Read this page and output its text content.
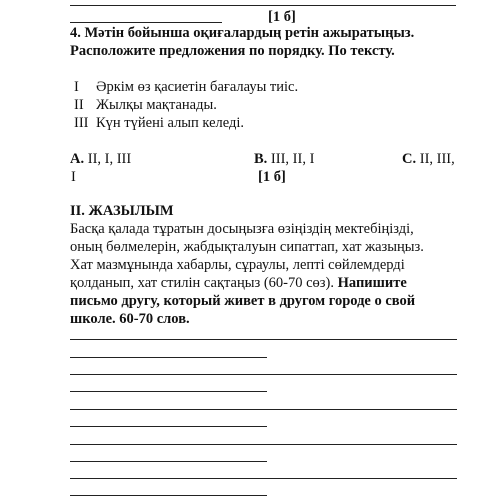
[1 б]
4. Мәтін бойынша оқиғалардың ретін ажыратыңыз.
Расположите предложения по порядку. По тексту.
I Әркім өз қасиетін бағалауы тиіс.
II Жылқы мақтанады.
III Күн түйені алып келеді.
A. II, I, III	B. III, II, I	C. II, III,
I	[1 б]
II. ЖАЗЫЛЫМ
Басқа қалада тұратын досыңызға өзіңіздің мектебіңізді,
оның бөлмелерін, жабдықталуын сипаттап, хат жазыңыз.
Хат мазмұнында хабарлы, сұраулы, лепті сөйлемдерді
қолданып, хат стилін сақтаңыз (60-70 сөз). Напишите
письмо другу, который живет в другом городе о свой
школе. 60-70 слов.
